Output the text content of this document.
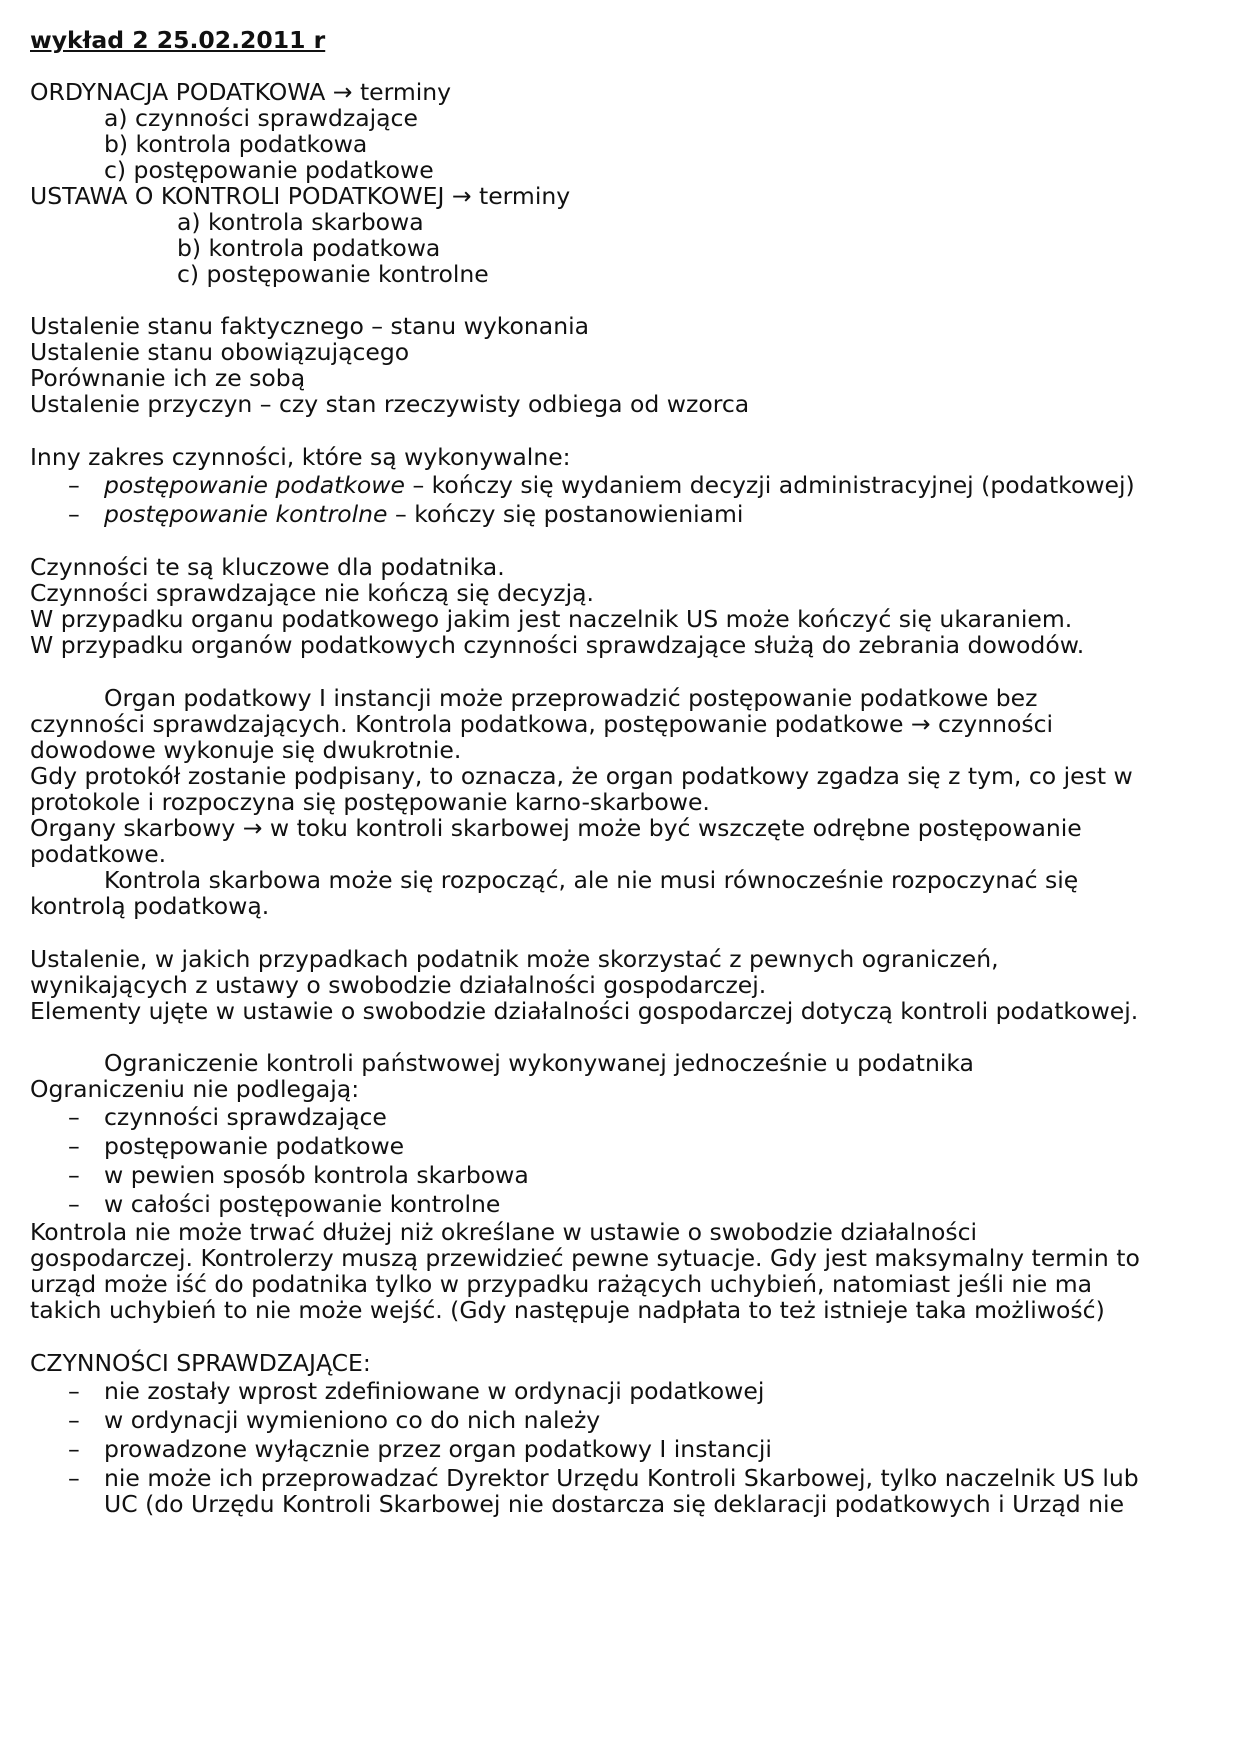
wykład 2 25.02.2011 r

ORDYNACJA PODATKOWA → terminy

a) czynności sprawdzające

b) kontrola podatkowa

c) postępowanie podatkowe

USTAWA O KONTROLI PODATKOWEJ → terminy

a) kontrola skarbowa

b) kontrola podatkowa

c) postępowanie kontrolne

Ustalenie stanu faktycznego – stanu wykonania

Ustalenie stanu obowiązującego

Porównanie ich ze sobą

Ustalenie przyczyn – czy stan rzeczywisty odbiega od wzorca

Inny zakres czynności, które są wykonywalne:

– postępowanie podatkowe – kończy się wydaniem decyzji administracyjnej (podatkowej)
– postępowanie kontrolne – kończy się postanowieniami

Czynności te są kluczowe dla podatnika.

Czynności sprawdzające nie kończą się decyzją.

W przypadku organu podatkowego jakim jest naczelnik US może kończyć się ukaraniem.

W przypadku organów podatkowych czynności sprawdzające służą do zebrania dowodów.

Organ podatkowy I instancji może przeprowadzić postępowanie podatkowe bez

czynności sprawdzających. Kontrola podatkowa, postępowanie podatkowe → czynności

dowodowe wykonuje się dwukrotnie.

Gdy protokół zostanie podpisany, to oznacza, że organ podatkowy zgadza się z tym, co jest w

protokole i rozpoczyna się postępowanie karno-skarbowe.

Organy skarbowy → w toku kontroli skarbowej może być wszczęte odrębne postępowanie

podatkowe.

Kontrola skarbowa może się rozpocząć, ale nie musi równocześnie rozpoczynać się

kontrolą podatkową.

Ustalenie, w jakich przypadkach podatnik może skorzystać z pewnych ograniczeń,

wynikających z ustawy o swobodzie działalności gospodarczej.

Elementy ujęte w ustawie o swobodzie działalności gospodarczej dotyczą kontroli podatkowej.

Ograniczenie kontroli państwowej wykonywanej jednocześnie u podatnika

Ograniczeniu nie podlegają:

– czynności sprawdzające
– postępowanie podatkowe
– w pewien sposób kontrola skarbowa
– w całości postępowanie kontrolne

Kontrola nie może trwać dłużej niż określane w ustawie o swobodzie działalności

gospodarczej. Kontrolerzy muszą przewidzieć pewne sytuacje. Gdy jest maksymalny termin to

urząd może iść do podatnika tylko w przypadku rażących uchybień, natomiast jeśli nie ma

takich uchybień to nie może wejść. (Gdy następuje nadpłata to też istnieje taka możliwość)

CZYNNOŚCI SPRAWDZAJĄCE:

– nie zostały wprost zdefiniowane w ordynacji podatkowej
– w ordynacji wymieniono co do nich należy
– prowadzone wyłącznie przez organ podatkowy I instancji
– nie może ich przeprowadzać Dyrektor Urzędu Kontroli Skarbowej, tylko naczelnik US lub
UC (do Urzędu Kontroli Skarbowej nie dostarcza się deklaracji podatkowych i Urząd nie
